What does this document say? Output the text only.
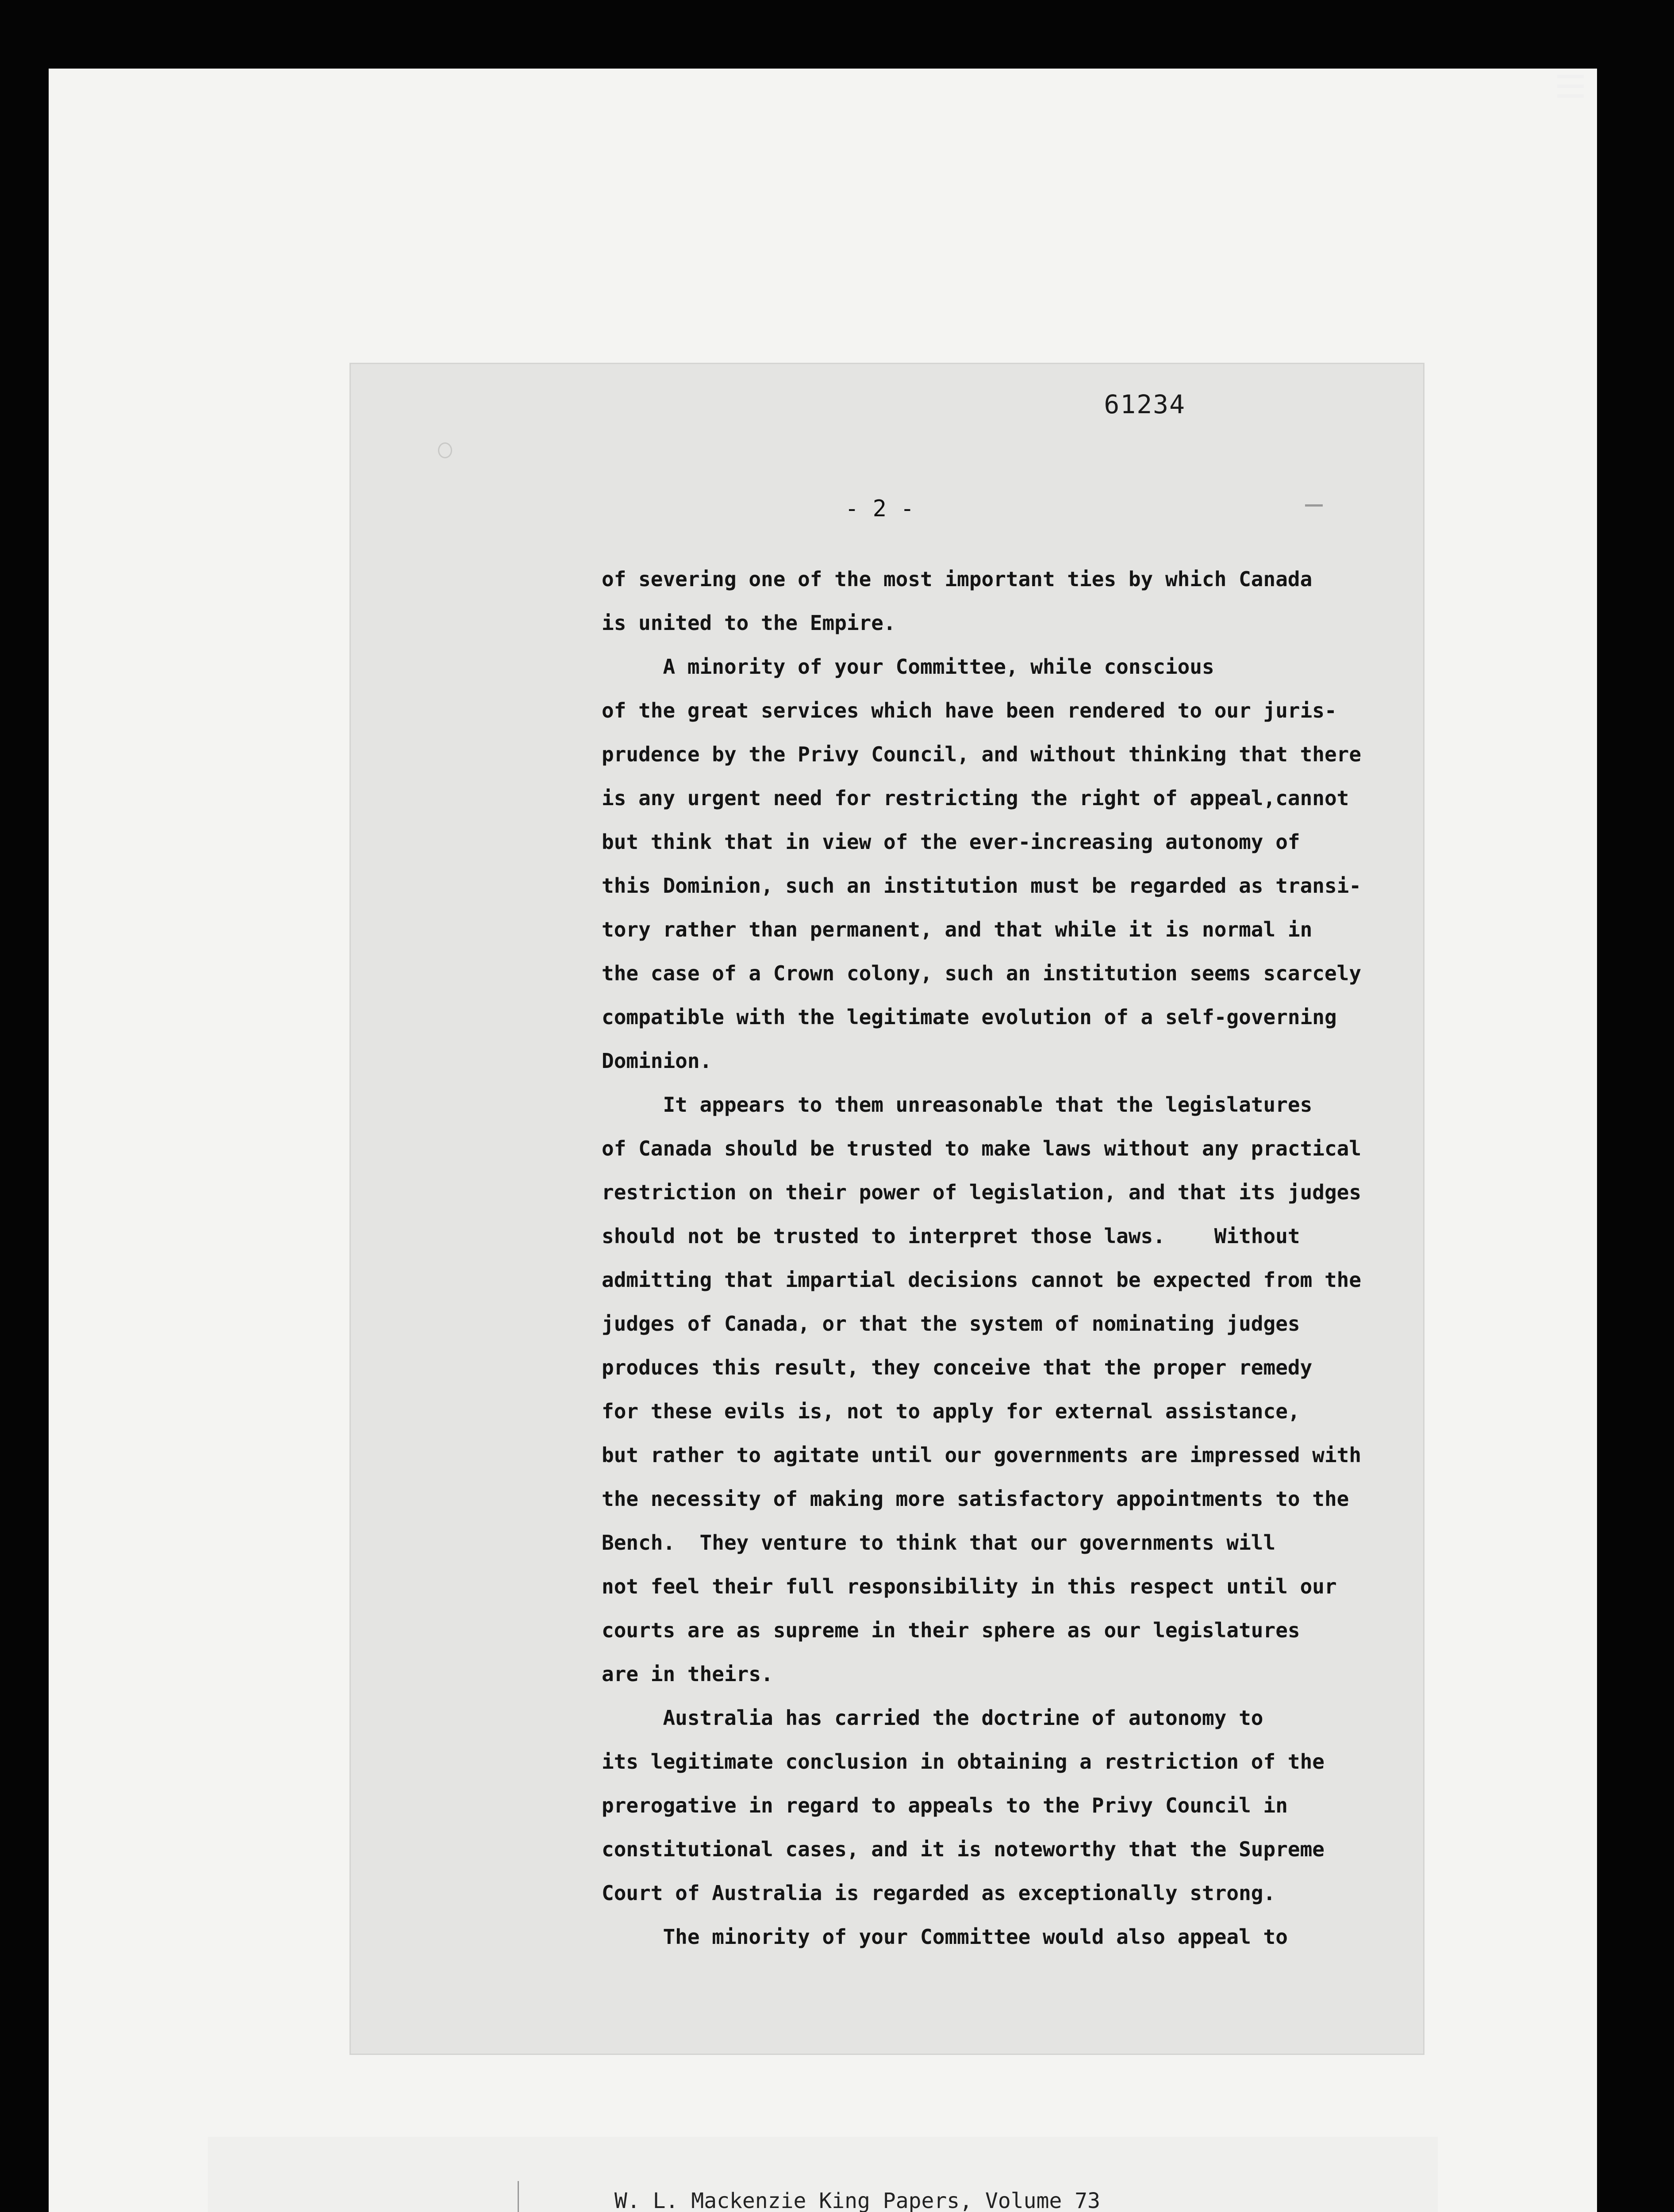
61234
- 2 -
of severing one of the most important ties by which Canada
is united to the Empire.
A minority of your Committee, while conscious
of the great services which have been rendered to our juris-
prudence by the Privy Council, and without thinking that there
is any urgent need for restricting the right of appeal,cannot
but think that in view of the ever-increasing autonomy of
this Dominion, such an institution must be regarded as transi-
tory rather than permanent, and that while it is normal in
the case of a Crown colony, such an institution seems scarcely
compatible with the legitimate evolution of a self-governing
Dominion.
It appears to them unreasonable that the legislatures
of Canada should be trusted to make laws without any practical
restriction on their power of legislation, and that its judges
should not be trusted to interpret those laws.    Without
admitting that impartial decisions cannot be expected from the
judges of Canada, or that the system of nominating judges
produces this result, they conceive that the proper remedy
for these evils is, not to apply for external assistance,
but rather to agitate until our governments are impressed with
the necessity of making more satisfactory appointments to the
Bench.  They venture to think that our governments will
not feel their full responsibility in this respect until our
courts are as supreme in their sphere as our legislatures
are in theirs.
Australia has carried the doctrine of autonomy to
its legitimate conclusion in obtaining a restriction of the
prerogative in regard to appeals to the Privy Council in
constitutional cases, and it is noteworthy that the Supreme
Court of Australia is regarded as exceptionally strong.
The minority of your Committee would also appeal to
W. L. Mackenzie King Papers, Volume 73
